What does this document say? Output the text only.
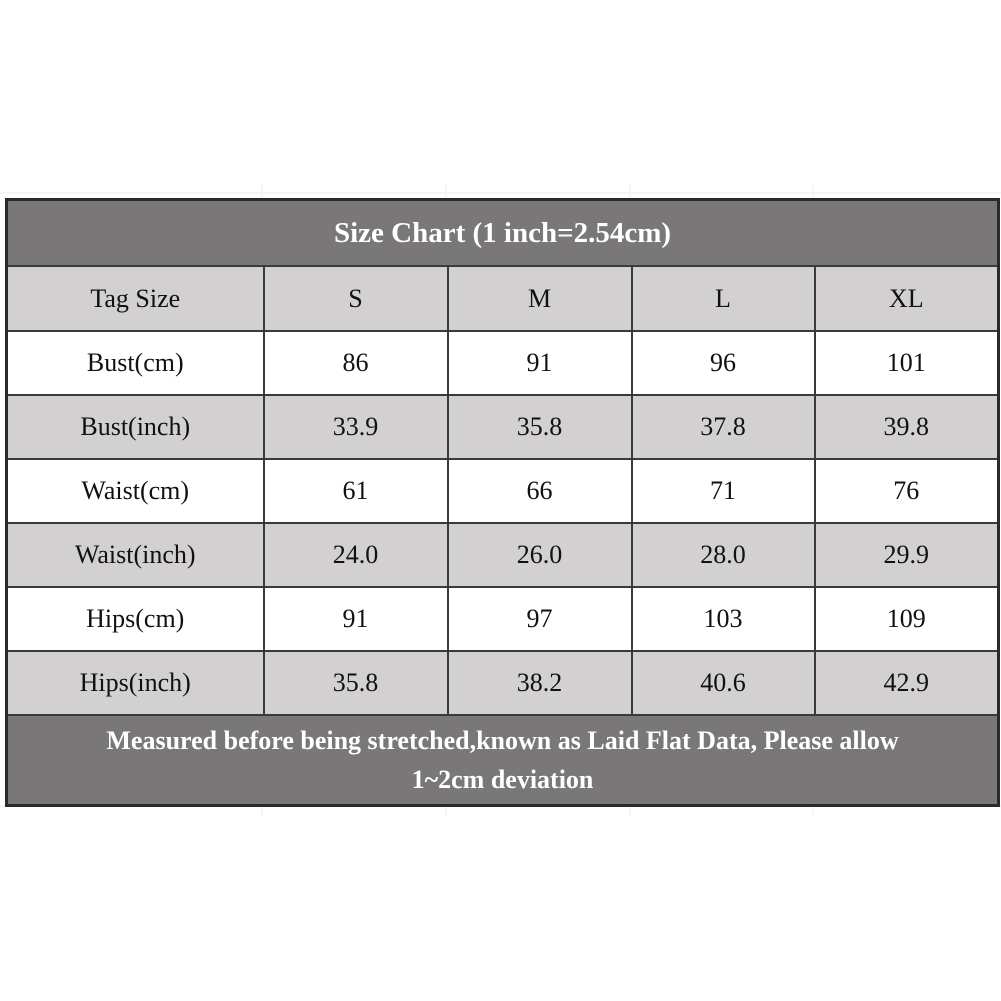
Size Chart (1 inch=2.54cm)				
Tag Size	S	M	L	XL
Bust(cm)	86	91	96	101
Bust(inch)	33.9	35.8	37.8	39.8
Waist(cm)	61	66	71	76
Waist(inch)	24.0	26.0	28.0	29.9
Hips(cm)	91	97	103	109
Hips(inch)	35.8	38.2	40.6	42.9

Measured before being stretched,known as Laid Flat Data, Please allow
1~2cm deviation				
